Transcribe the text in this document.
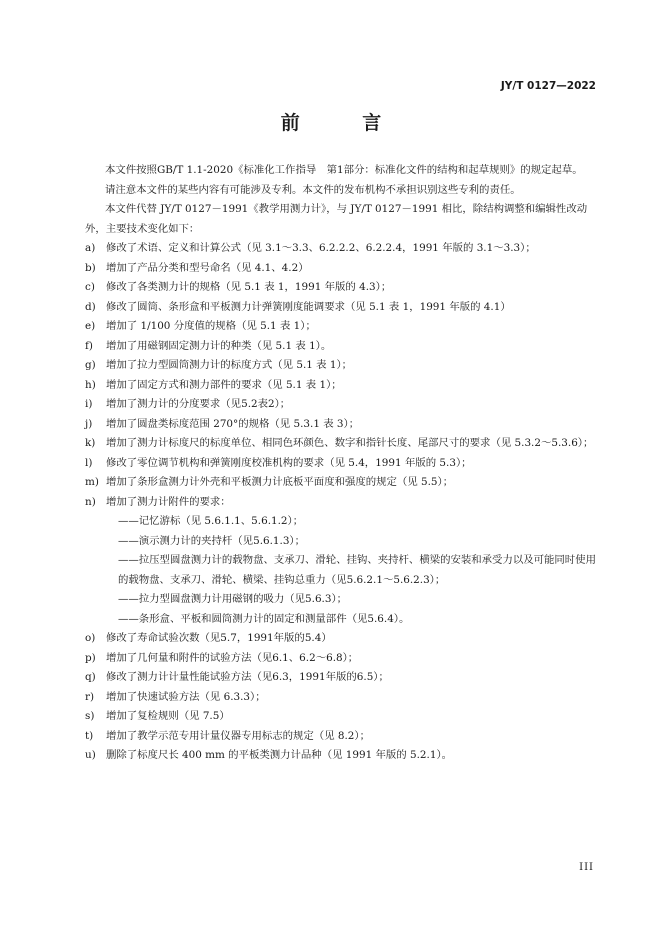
JY/T 0127—2022
前 言

本文件按照GB/T 1.1-2020《标准化工作指导　第1部分：标准化文件的结构和起草规则》的规定起草。

请注意本文件的某些内容有可能涉及专利。本文件的发布机构不承担识别这些专利的责任。

本文件代替 JY/T 0127－1991《教学用测力计》，与 JY/T 0127－1991 相比，除结构调整和编辑性改动外，主要技术变化如下：

a)	修改了术语、定义和计算公式（见 3.1～3.3、6.2.2.2、6.2.2.4，1991 年版的 3.1～3.3）；
b) 增加了产品分类和型号命名（见 4.1、4.2）
c)	修改了各类测力计的规格（见 5.1 表 1，1991 年版的 4.3）；
d) 修改了圆筒、条形盒和平板测力计弹簧刚度能调要求（见 5.1 表 1，1991 年版的 4.1）
e)	增加了 1/100 分度值的规格（见 5.1 表 1）；
f)	增加了用磁钢固定测力计的种类（见 5.1 表 1）。
g) 增加了拉力型圆筒测力计的标度方式（见 5.1 表 1）；
h) 增加了固定方式和测力部件的要求（见 5.1 表 1）；
i)	增加了测力计的分度要求（见5.2表2）；
j)	增加了圆盘类标度范围 270°的规格（见 5.3.1 表 3）；
k)	增加了测力计标度尺的标度单位、相同色环颜色、数字和指针长度、尾部尺寸的要求（见 5.3.2～5.3.6）；
l)	修改了零位调节机构和弹簧刚度校准机构的要求（见 5.4，1991 年版的 5.3）；
m) 增加了条形盒测力计外壳和平板测力计底板平面度和强度的规定（见 5.5）；
n) 增加了测力计附件的要求：

——记忆游标（见 5.6.1.1、5.6.1.2）；

——演示测力计的夹持杆（见5.6.1.3）；

——拉压型圆盘测力计的载物盘、支承刀、滑轮、挂钩、夹持杆、横梁的安装和承受力以及可能同时使用的载物盘、支承刀、滑轮、横梁、挂钩总重力（见5.6.2.1～5.6.2.3）；

——拉力型圆盘测力计用磁钢的吸力（见5.6.3）；

——条形盒、平板和圆筒测力计的固定和测量部件（见5.6.4）。

o)	修改了寿命试验次数（见5.7，1991年版的5.4）
p) 增加了几何量和附件的试验方法（见6.1、6.2～6.8）；
q) 修改了测力计计量性能试验方法（见6.3，1991年版的6.5）；
r)	增加了快速试验方法（见 6.3.3）；
s)	增加了复检规则（见 7.5）
t)	增加了教学示范专用计量仪器专用标志的规定（见 8.2）；
u) 删除了标度尺长 400 mm 的平板类测力计品种（见 1991 年版的 5.2.1）。
III
